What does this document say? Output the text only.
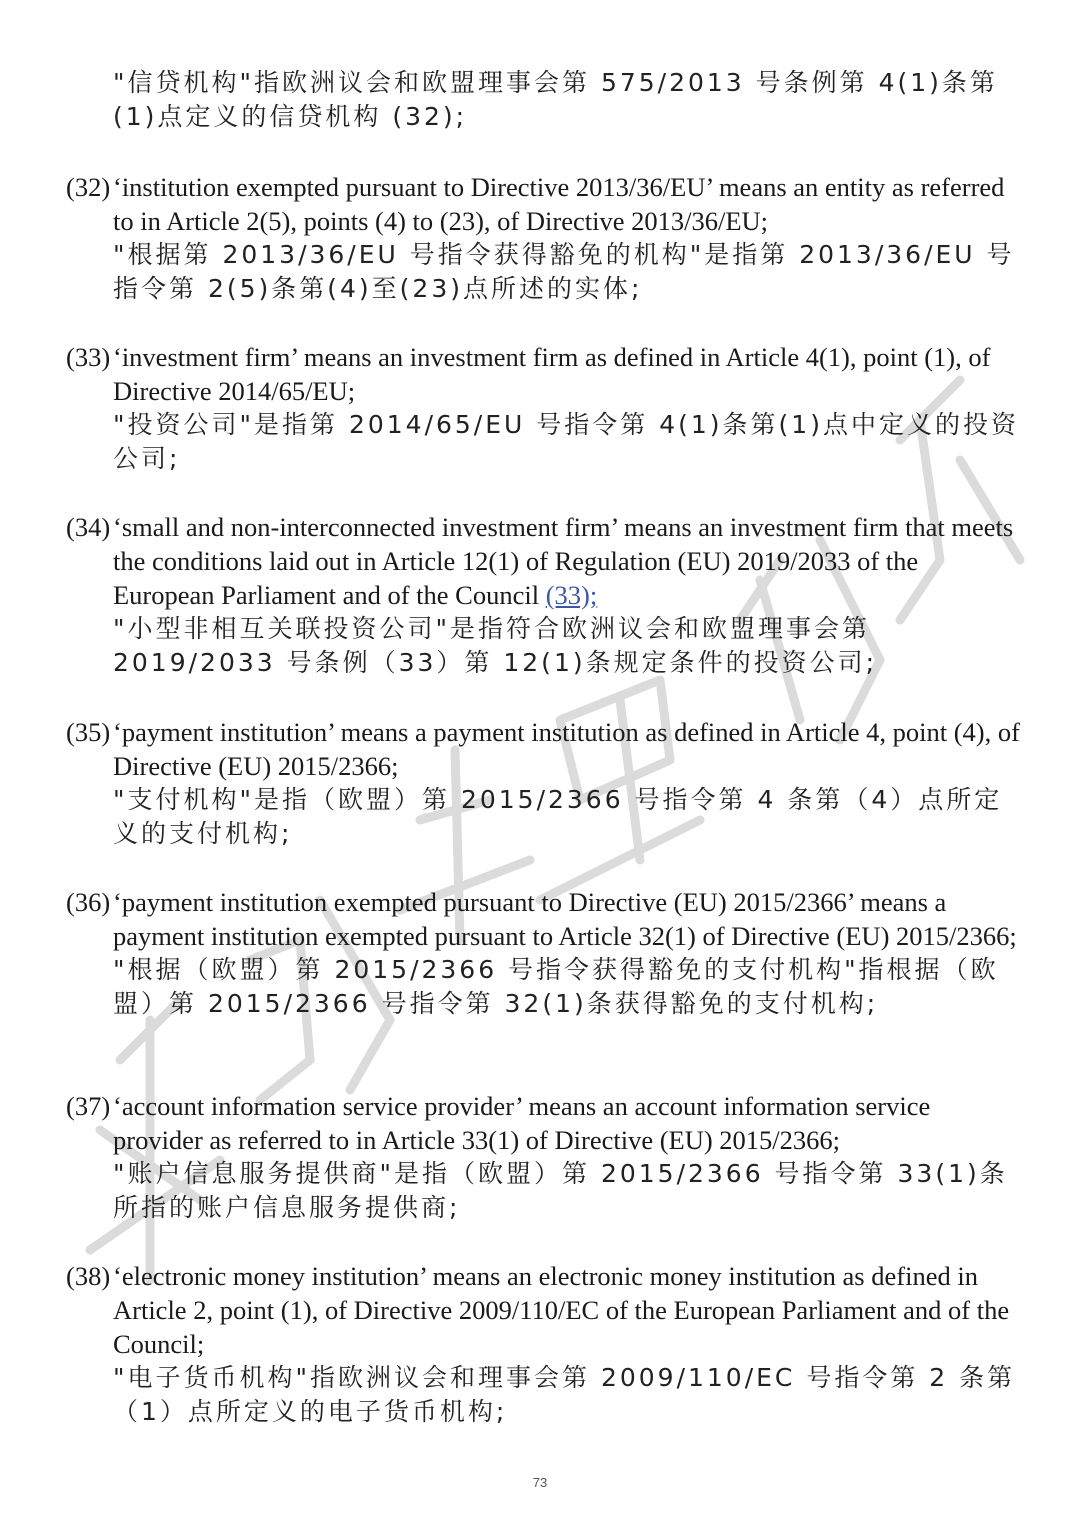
"信贷机构"指欧洲议会和欧盟理事会第 575/2013 号条例第 4(1)条第(1)点定义的信贷机构 (32);
(32) ‘institution exempted pursuant to Directive 2013/36/EU’ means an entity as referred to in Article 2(5), points (4) to (23), of Directive 2013/36/EU;
"根据第 2013/36/EU 号指令获得豁免的机构"是指第 2013/36/EU 号指令第 2(5)条第(4)至(23)点所述的实体;
(33) ‘investment firm’ means an investment firm as defined in Article 4(1), point (1), of Directive 2014/65/EU;
"投资公司"是指第 2014/65/EU 号指令第 4(1)条第(1)点中定义的投资公司;
(34) ‘small and non-interconnected investment firm’ means an investment firm that meets the conditions laid out in Article 12(1) of Regulation (EU) 2019/2033 of the European Parliament and of the Council (33);
"小型非相互关联投资公司"是指符合欧洲议会和欧盟理事会第 2019/2033 号条例（33）第 12(1)条规定条件的投资公司;
(35) ‘payment institution’ means a payment institution as defined in Article 4, point (4), of Directive (EU) 2015/2366;
"支付机构"是指（欧盟）第 2015/2366 号指令第 4 条第（4）点所定义的支付机构;
(36) ‘payment institution exempted pursuant to Directive (EU) 2015/2366’ means a payment institution exempted pursuant to Article 32(1) of Directive (EU) 2015/2366;
"根据（欧盟）第 2015/2366 号指令获得豁免的支付机构"指根据（欧盟）第 2015/2366 号指令第 32(1)条获得豁免的支付机构;
(37) ‘account information service provider’ means an account information service provider as referred to in Article 33(1) of Directive (EU) 2015/2366;
"账户信息服务提供商"是指（欧盟）第 2015/2366 号指令第 33(1)条所指的账户信息服务提供商;
(38) ‘electronic money institution’ means an electronic money institution as defined in Article 2, point (1), of Directive 2009/110/EC of the European Parliament and of the Council;
"电子货币机构"指欧洲议会和理事会第 2009/110/EC 号指令第 2 条第（1）点所定义的电子货币机构;
73
